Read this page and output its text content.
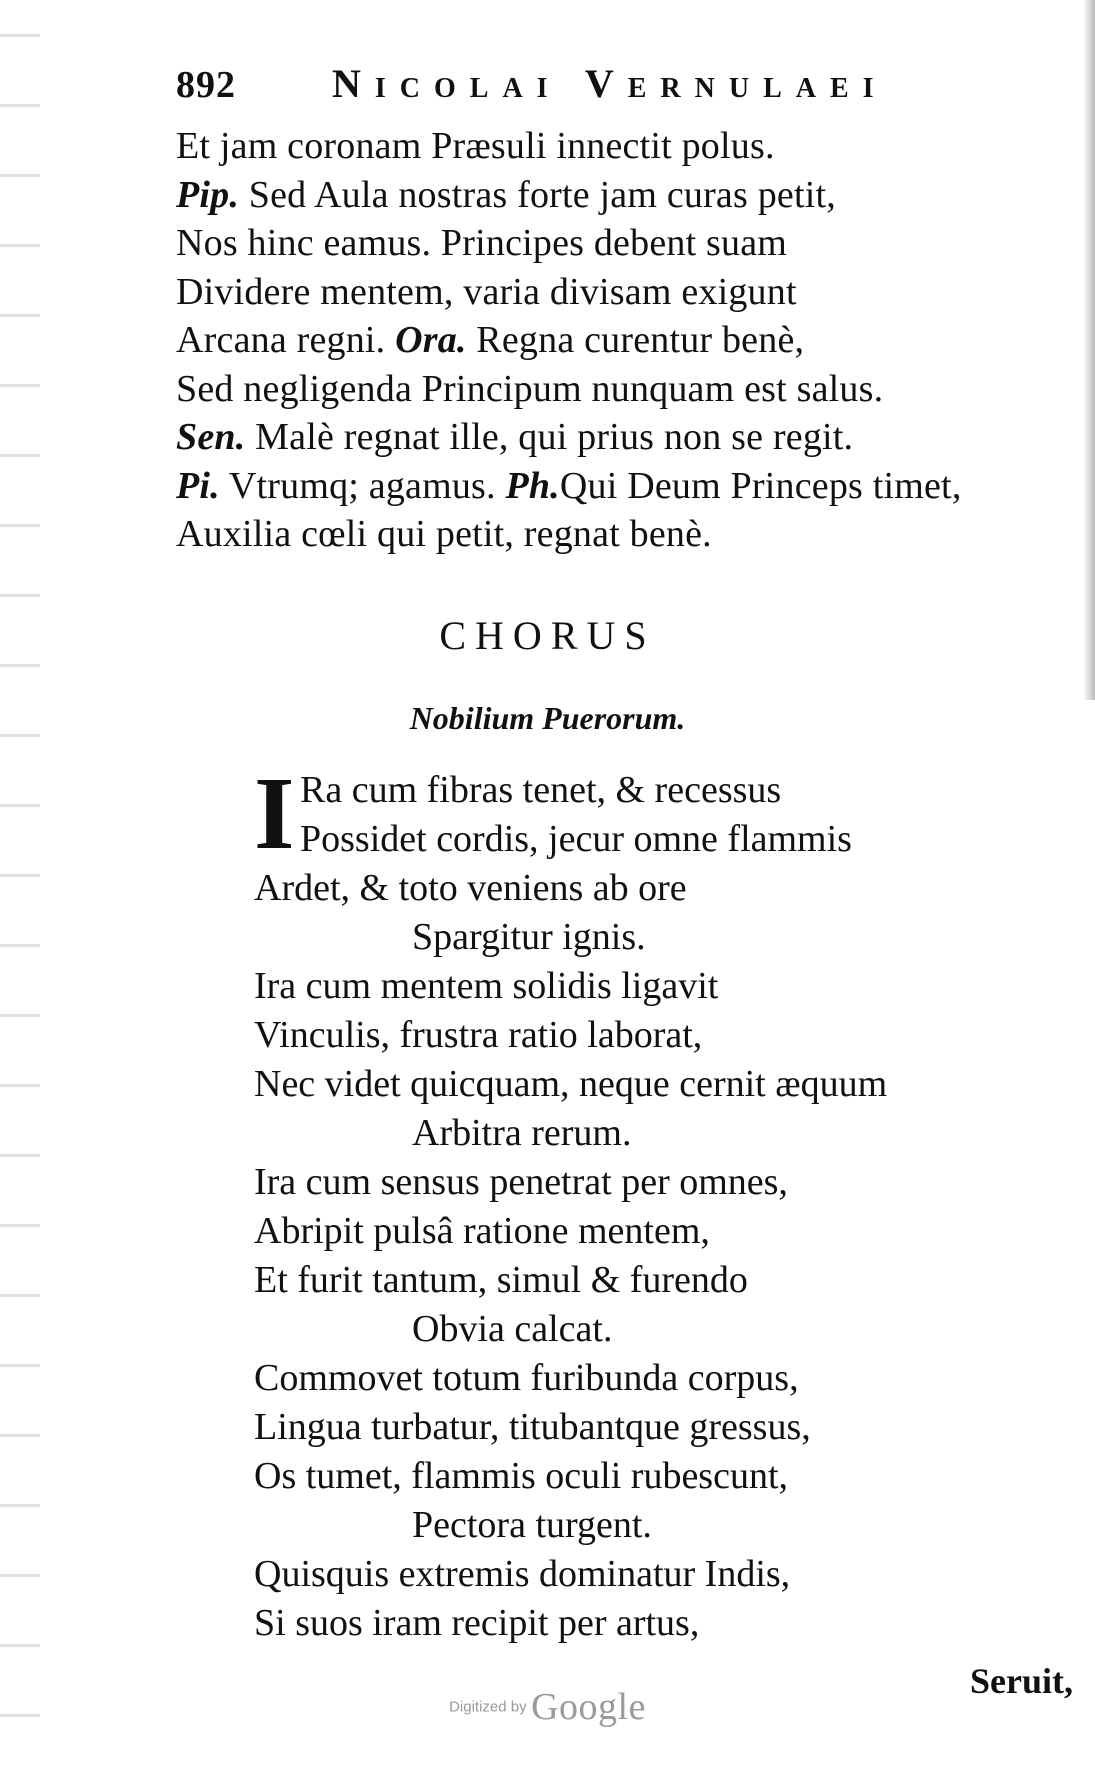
892 Nicolai Vernulaei
Et jam coronam Præsuli innectit polus.
Pip. Sed Aula nostras forte jam curas petit,
Nos hinc eamus. Principes debent suam
Dividere mentem, varia divisam exigunt
Arcana regni. Ora. Regna curentur benè,
Sed negligenda Principum nunquam est salus.
Sen. Malè regnat ille, qui prius non se regit.
Pi. Vtrumq; agamus. Ph.Qui Deum Princeps timet,
Auxilia cœli qui petit, regnat benè.
CHORUS
Nobilium Puerorum.
I Ra cum fibras tenet, & recessus
Possidet cordis, jecur omne flammis
Ardet, & toto veniens ab ore
Spargitur ignis.
Ira cum mentem solidis ligavit
Vinculis, frustra ratio laborat,
Nec videt quicquam, neque cernit æquum
Arbitra rerum.
Ira cum sensus penetrat per omnes,
Abripit pulsâ ratione mentem,
Et furit tantum, simul & furendo
Obvia calcat.
Commovet totum furibunda corpus,
Lingua turbatur, titubantque gressus,
Os tumet, flammis oculi rubescunt,
Pectora turgent.
Quisquis extremis dominatur Indis,
Si suos iram recipit per artus,
Seruit,
Digitized by Google
